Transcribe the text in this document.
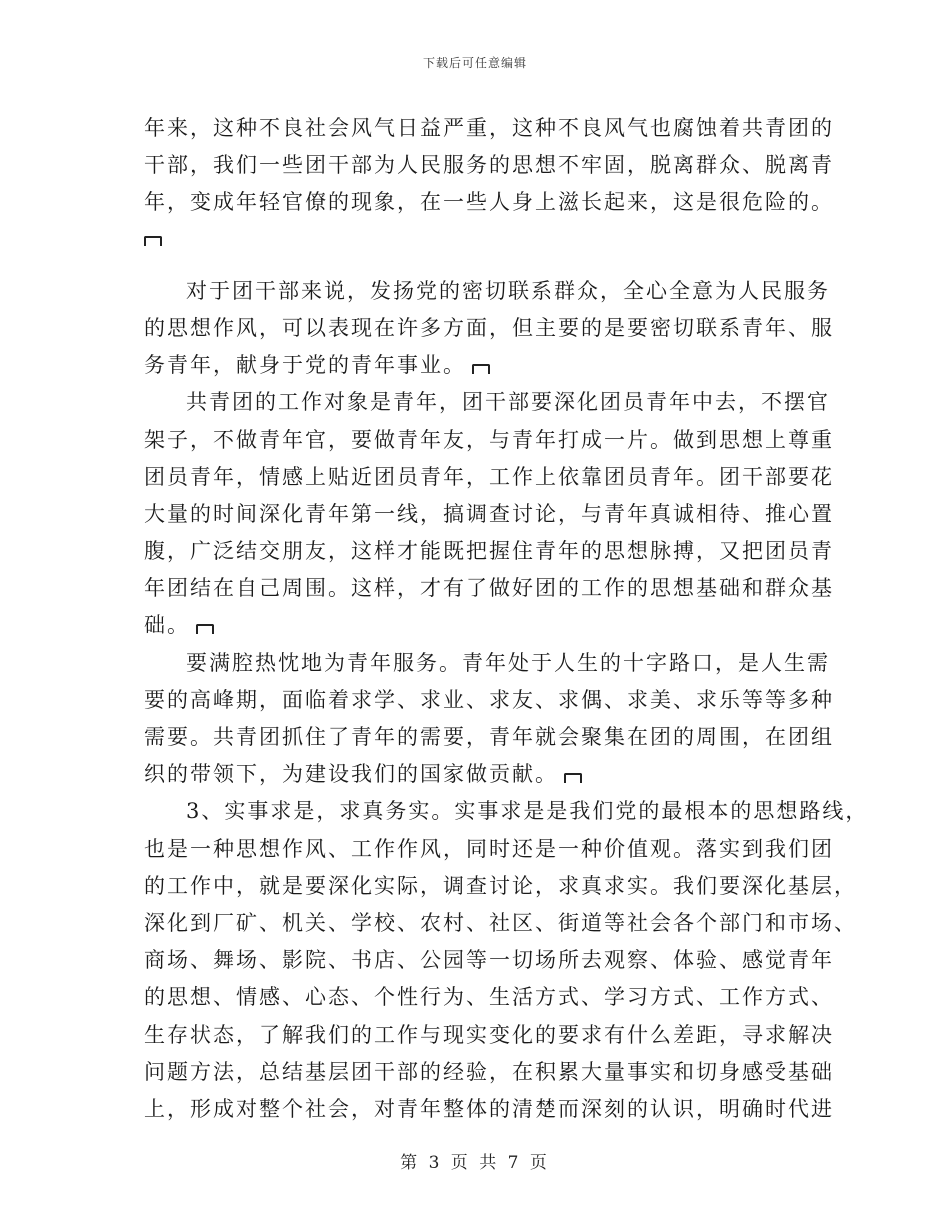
下载后可任意编辑
年来，这种不良社会风气日益严重，这种不良风气也腐蚀着共青团的
干部，我们一些团干部为人民服务的思想不牢固，脱离群众、脱离青
年，变成年轻官僚的现象，在一些人身上滋长起来，这是很危险的。
对于团干部来说，发扬党的密切联系群众，全心全意为人民服务
的思想作风，可以表现在许多方面，但主要的是要密切联系青年、服
务青年，献身于党的青年事业。
共青团的工作对象是青年，团干部要深化团员青年中去，不摆官
架子，不做青年官，要做青年友，与青年打成一片。做到思想上尊重
团员青年，情感上贴近团员青年，工作上依靠团员青年。团干部要花
大量的时间深化青年第一线，搞调查讨论，与青年真诚相待、推心置
腹，广泛结交朋友，这样才能既把握住青年的思想脉搏，又把团员青
年团结在自己周围。这样，才有了做好团的工作的思想基础和群众基
础。
要满腔热忱地为青年服务。青年处于人生的十字路口，是人生需
要的高峰期，面临着求学、求业、求友、求偶、求美、求乐等等多种
需要。共青团抓住了青年的需要，青年就会聚集在团的周围，在团组
织的带领下，为建设我们的国家做贡献。
3、实事求是，求真务实。实事求是是我们党的最根本的思想路线，
也是一种思想作风、工作作风，同时还是一种价值观。落实到我们团
的工作中，就是要深化实际，调查讨论，求真求实。我们要深化基层，
深化到厂矿、机关、学校、农村、社区、街道等社会各个部门和市场、
商场、舞场、影院、书店、公园等一切场所去观察、体验、感觉青年
的思想、情感、心态、个性行为、生活方式、学习方式、工作方式、
生存状态，了解我们的工作与现实变化的要求有什么差距，寻求解决
问题方法，总结基层团干部的经验，在积累大量事实和切身感受基础
上，形成对整个社会，对青年整体的清楚而深刻的认识，明确时代进
第 3 页 共 7 页
